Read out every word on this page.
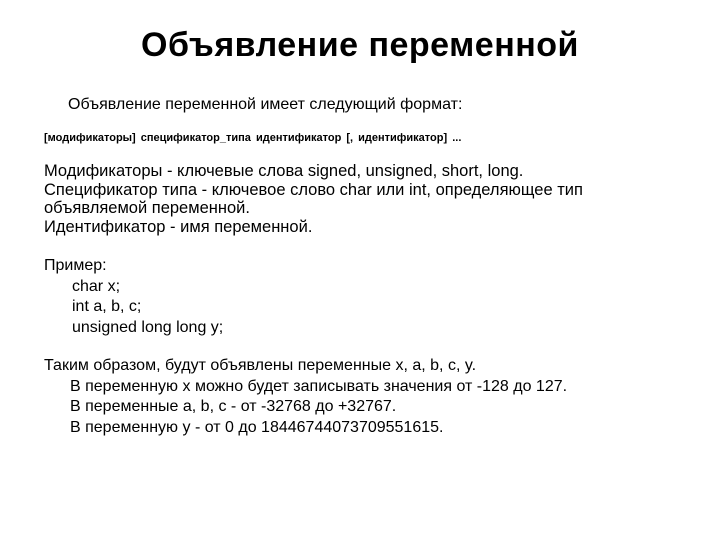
Объявление переменной
Объявление переменной имеет следующий формат:
[модификаторы] спецификатор_типа идентификатор [, идентификатор] ...
Модификаторы - ключевые слова signed, unsigned, short, long.
Спецификатор типа - ключевое слово char или int, определяющее тип
объявляемой переменной.
Идентификатор - имя переменной.
Пример:
char x;
int a, b, c;
unsigned long long y;
Таким образом, будут объявлены переменные x, a, b, c, y.
В переменную x можно будет записывать значения от -128 до 127.
В переменные a, b, c - от -32768 до +32767.
В переменную y - от 0 до 18446744073709551615.
